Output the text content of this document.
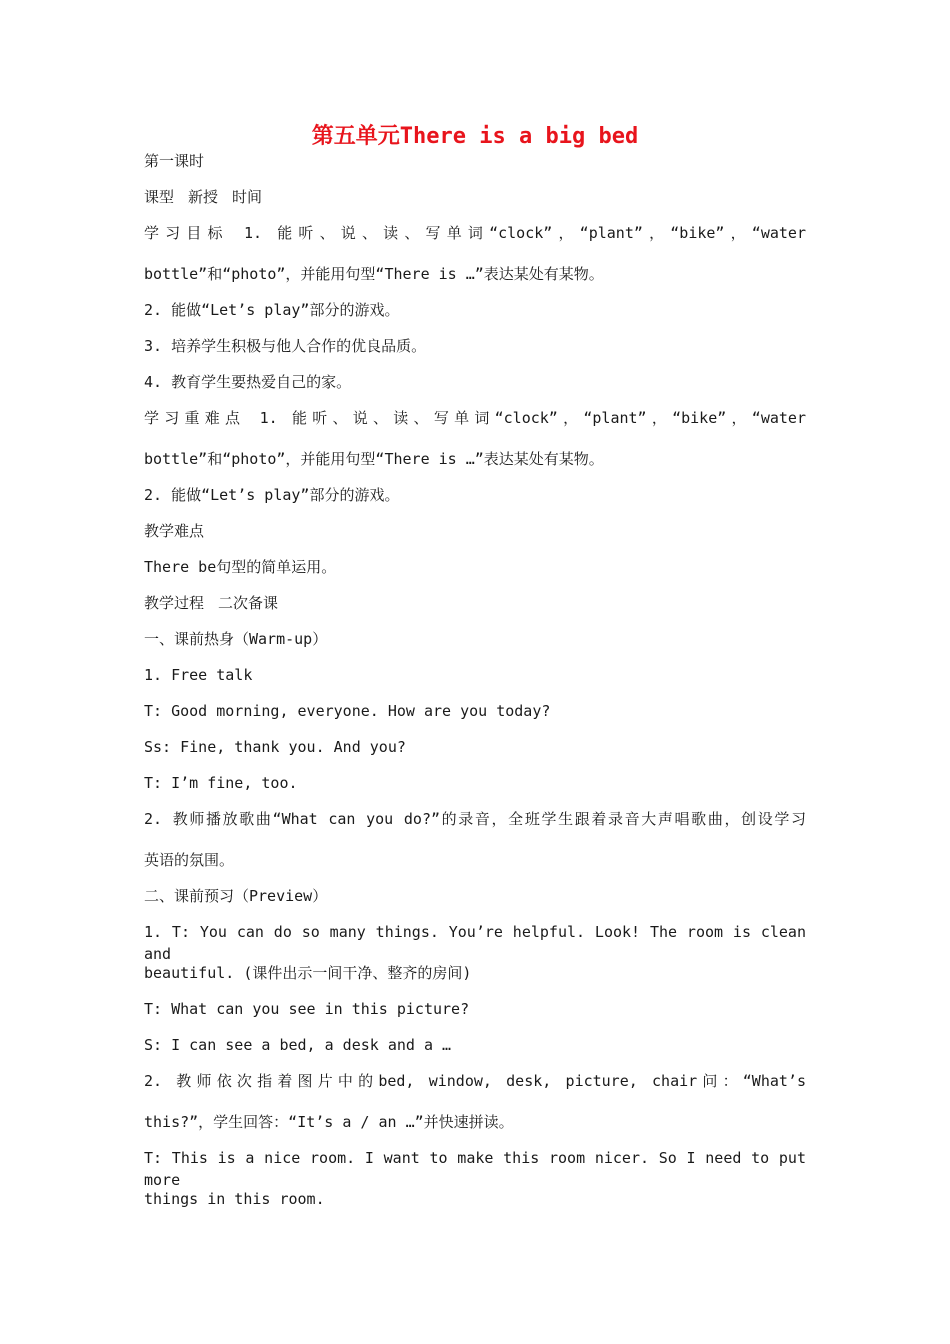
第五单元There is a big bed
第一课时
课型 新授 时间
学习目标 1. 能听、说、读、写单词“clock”，“plant”，“bike”，“water
bottle”和“photo”，并能用句型“There is …”表达某处有某物。
2. 能做“Let’s play”部分的游戏。
3. 培养学生积极与他人合作的优良品质。
4. 教育学生要热爱自己的家。
学习重难点 1. 能听、说、读、写单词“clock”，“plant”，“bike”，“water
bottle”和“photo”，并能用句型“There is …”表达某处有某物。
2. 能做“Let’s play”部分的游戏。
教学难点
There be句型的简单运用。
教学过程 二次备课
一、课前热身（Warm-up）
1. Free talk
T: Good morning, everyone. How are you today?
Ss: Fine, thank you. And you?
T: I’m fine, too.
2. 教师播放歌曲“What can you do?”的录音，全班学生跟着录音大声唱歌曲，创设学习
英语的氛围。
二、课前预习（Preview）
1. T: You can do so many things. You’re helpful. Look! The room is clean and
beautiful. (课件出示一间干净、整齐的房间)
T: What can you see in this picture?
S: I can see a bed, a desk and a …
2. 教师依次指着图片中的bed, window, desk, picture, chair问：“What’s
this?”，学生回答：“It’s a / an …”并快速拼读。
T: This is a nice room. I want to make this room nicer. So I need to put more
things in this room.
